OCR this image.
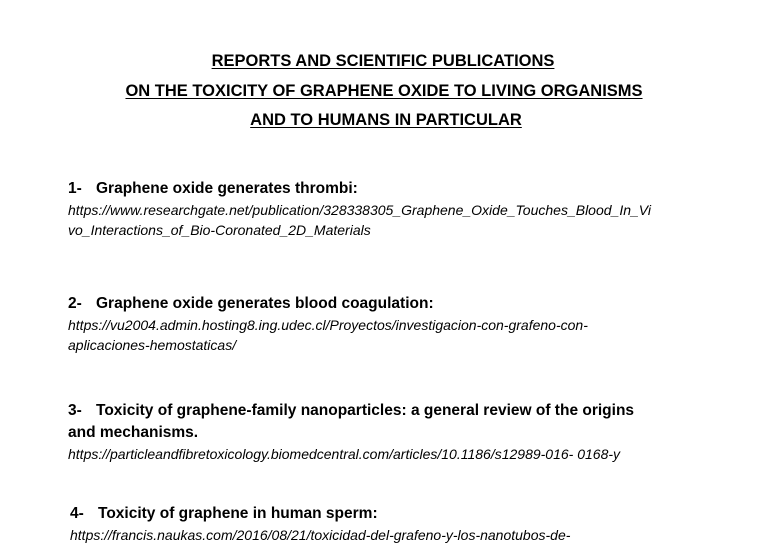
REPORTS AND SCIENTIFIC PUBLICATIONS
ON THE TOXICITY OF GRAPHENE OXIDE TO LIVING ORGANISMS
AND TO HUMANS IN PARTICULAR
1- Graphene oxide generates thrombi:
https://www.researchgate.net/publication/328338305_Graphene_Oxide_Touches_Blood_In_Vi
vo_Interactions_of_Bio-Coronated_2D_Materials
2- Graphene oxide generates blood coagulation:
https://vu2004.admin.hosting8.ing.udec.cl/Proyectos/investigacion-con-grafeno-con-
aplicaciones-hemostaticas/
3- Toxicity of graphene-family nanoparticles: a general review of the origins
and mechanisms.
https://particleandfibretoxicology.biomedcentral.com/articles/10.1186/s12989-016- 0168-y
4- Toxicity of graphene in human sperm:
https://francis.naukas.com/2016/08/21/toxicidad-del-grafeno-y-los-nanotubos-de-
